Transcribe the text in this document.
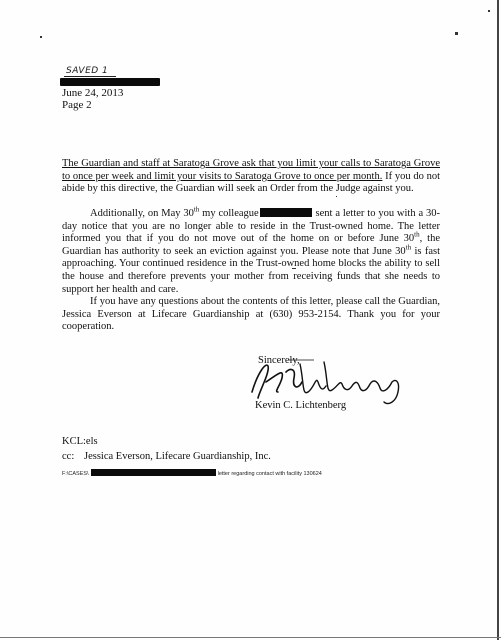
SAVED 1
June 24, 2013
Page 2

The Guardian and staff at Saratoga Grove ask that you limit your calls to Saratoga Grove to once per week and limit your visits to Saratoga Grove to once per month. If you do not abide by this directive, the Guardian will seek an Order from the Judge against you.

Additionally, on May 30th my colleague	sent a letter to you with a 30-day notice that you are no longer able to reside in the Trust-owned home. The letter informed you that if you do not move out of the home on or before June 30th, the Guardian has authority to seek an eviction against you. Please note that June 30th is fast approaching. Your continued residence in the Trust-owned home blocks the ability to sell the house and therefore prevents your mother from receiving funds that she needs to support her health and care.

If you have any questions about the contents of this letter, please call the Guardian, Jessica Everson at Lifecare Guardianship at (630) 953-2154. Thank you for your cooperation.

Sincerely,
Kevin C. Lichtenberg
KCL:els
cc: Jessica Everson, Lifecare Guardianship, Inc.
F:\CASES\	letter regarding contact with facility 130624
